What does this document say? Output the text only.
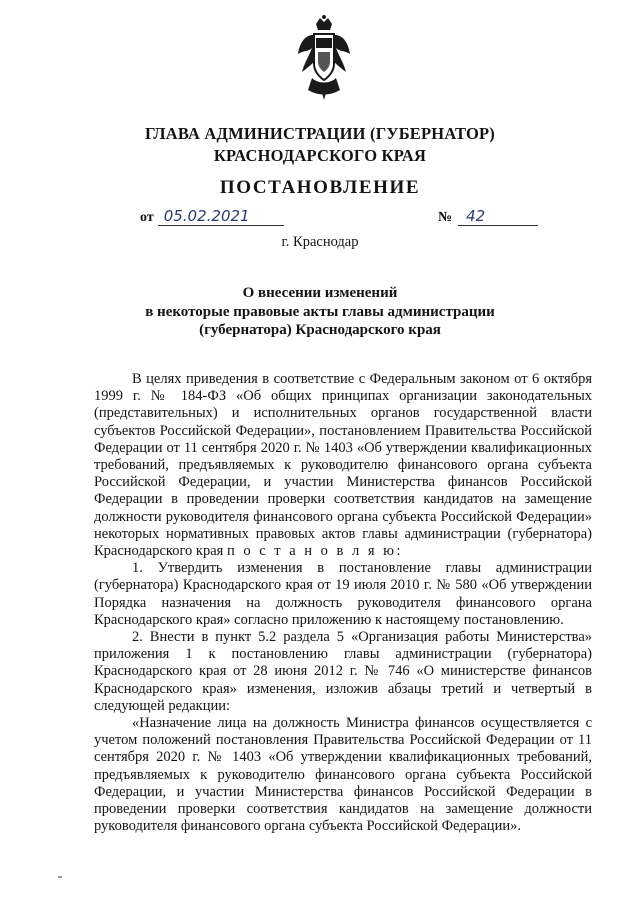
ГЛАВА АДМИНИСТРАЦИИ (ГУБЕРНАТОР)
КРАСНОДАРСКОГО КРАЯ
ПОСТАНОВЛЕНИЕ
от 05.02.2021	№ 42
г. Краснодар
О внесении изменений
в некоторые правовые акты главы администрации
(губернатора) Краснодарского края

В целях приведения в соответствие с Федеральным законом от 6 октября 1999 г. № 184-ФЗ «Об общих принципах организации законодательных (представительных) и исполнительных органов государственной власти субъектов Российской Федерации», постановлением Правительства Российской Федерации от 11 сентября 2020 г. № 1403 «Об утверждении квалификационных требований, предъявляемых к руководителю финансового органа субъекта Российской Федерации, и участии Министерства финансов Российской Федерации в проведении проверки соответствия кандидатов на замещение должности руководителя финансового органа субъекта Российской Федерации» некоторых нормативных правовых актов главы администрации (губернатора) Краснодарского края п о с т а н о в л я ю:

1. Утвердить изменения в постановление главы администрации (губернатора) Краснодарского края от 19 июля 2010 г. № 580 «Об утверждении Порядка назначения на должность руководителя финансового органа Краснодарского края» согласно приложению к настоящему постановлению.

2. Внести в пункт 5.2 раздела 5 «Организация работы Министерства» приложения 1 к постановлению главы администрации (губернатора) Краснодарского края от 28 июня 2012 г. № 746 «О министерстве финансов Краснодарского края» изменения, изложив абзацы третий и четвертый в следующей редакции:

«Назначение лица на должность Министра финансов осуществляется с учетом положений постановления Правительства Российской Федерации от 11 сентября 2020 г. № 1403 «Об утверждении квалификационных требований, предъявляемых к руководителю финансового органа субъекта Российской Федерации, и участии Министерства финансов Российской Федерации в проведении проверки соответствия кандидатов на замещение должности руководителя финансового органа субъекта Российской Федерации».
